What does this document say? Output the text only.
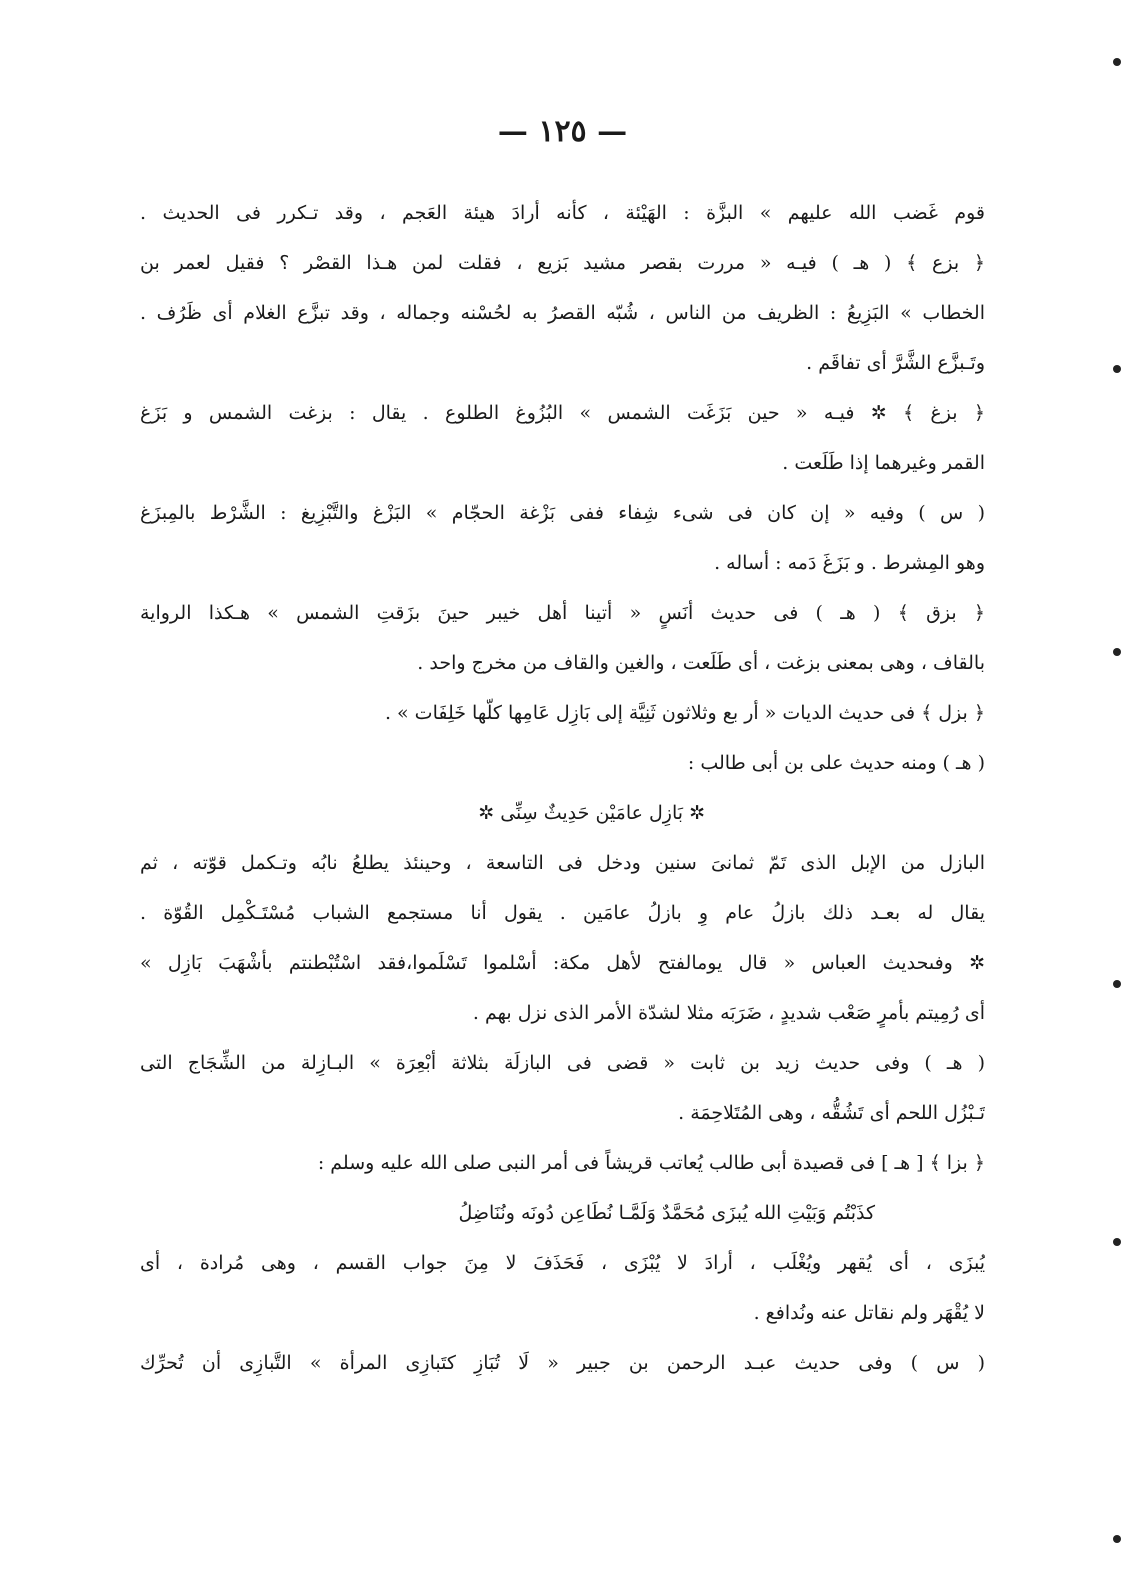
— ١٢٥ —
قوم غَضب الله عليهم » البزَّة : الهَيْئة ، كأنه أرادَ هيئة العَجم ، وقد تـكرر فى الحديث .
﴿ بزع ﴾ ( هـ ) فيـه « مررت بقصر مشيد بَزيع ، فقلت لمن هـذا القصْر ؟ فقيل لعمر بن
الخطاب » البَزِيعُ : الظريف من الناس ، شُبّه القصرُ به لحُسْنه وجماله ، وقد تبزَّع الغلام أى ظَرُف .
وتَـبزَّع الشَّرَّ أى تفاقَم .
﴿ بزغ ﴾ ✲ فيـه « حين بَزَغَت الشمس » البُزُوغ الطلوع . يقال : بزغت الشمس و بَزَغ
القمر وغيرهما إذا طَلَعت .
( س ) وفيه « إن كان فى شىء شِفاء ففى بَزْغة الحجّام » البَزْغ والتَّبْزِيغ : الشَّرْط بالمِبزَغ
وهو المِشرط . و بَزَغَ دَمه : أساله .
﴿ بزق ﴾ ( هـ ) فى حديث أنَسٍ « أتينا أهل خيبر حينَ بزَقتِ الشمس » هـكذا الرواية
بالقاف ، وهى بمعنى بزغت ، أى طَلَعت ، والغين والقاف من مخرج واحد .
﴿ بزل ﴾ فى حديث الديات « أر بع وثلاثون ثَنِيَّة إلى بَازِل عَامِها كلّها خَلِفَات » .
( هـ ) ومنه حديث على بن أبى طالب :
✲ بَازِل عامَيْن حَدِيثٌ سِنِّى ✲
البازل من الإبل الذى تَمّ ثمانىَ سنين ودخل فى التاسعة ، وحينئذ يطلعُ نابُه وتـكمل قوّته ، ثم
يقال له بعـد ذلك بازلُ عام وِ بازلُ عامَين . يقول أنا مستجمع الشباب مُسْتَـكْمِل القُوّة .
✲ وفىحديث العباس « قال يومالفتح لأهل مكة: أسْلموا تَسْلَموا،فقد اسْتُبْطنتم بأشْهَبَ بَازِل »
أى رُمِيتم بأمرٍ صَعْب شديدٍ ، ضَرَبَه مثلا لشدّة الأمر الذى نزل بهم .
( هـ ) وفى حديث زيد بن ثابت « قضى فى البازلَة بثلاثة أبْعِرَة » البـازِلة من الشِّجَاج التى
تَـبْزُل اللحم أى تَشُقُّه ، وهى المُتَلاحِمَة .
﴿ بزا ﴾ [ هـ ] فى قصيدة أبى طالب يُعاتب قريشاً فى أمر النبى صلى الله عليه وسلم :
كذَبْتُم وَبَيْتِ الله يُبزَى مُحَمَّدٌ وَلَمَّـا نُطَاعِن دُونَه ونُنَاضِلُ
يُبزَى ، أى يُقهر ويُغْلَب ، أرادَ لا يُبْزَى ، فَحَذَفَ لا مِنَ جواب القسم ، وهى مُرادة ، أى
لا يُقْهَر ولم نقاتل عنه ونُدافع .
( س ) وفى حديث عبـد الرحمن بن جبير « لَا تُبَازِ كتَبازِى المرأة » التَّبازِى أن تُحرِّك
